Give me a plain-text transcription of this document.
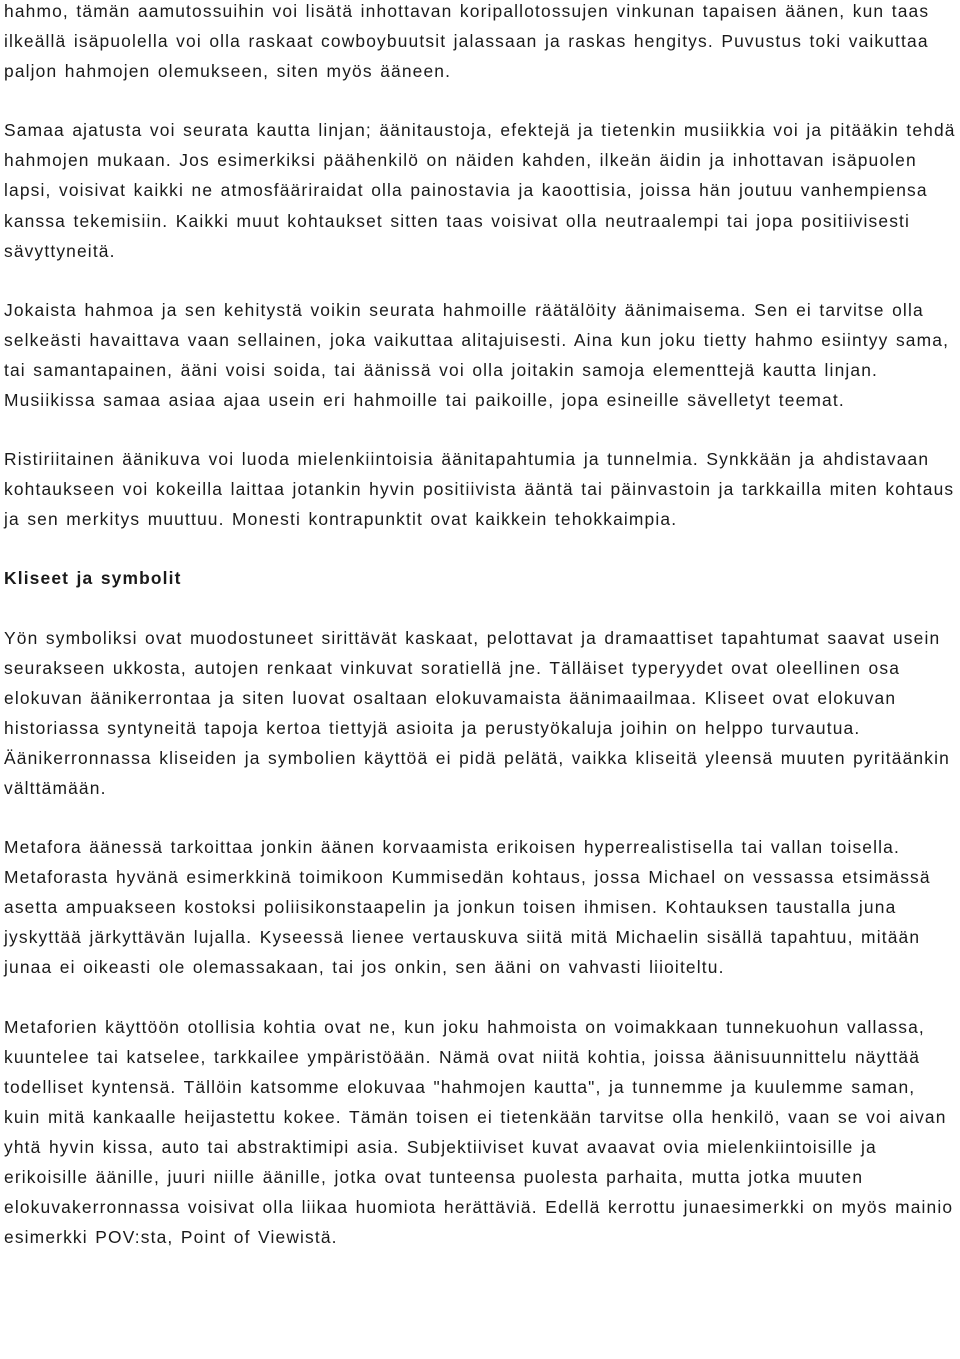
hahmo, tämän aamutossuihin voi lisätä inhottavan koripallotossujen vinkunan tapaisen äänen, kun taas ilkeällä isäpuolella voi olla raskaat cowboybuutsit jalassaan ja raskas hengitys. Puvustus toki vaikuttaa paljon hahmojen olemukseen, siten myös ääneen.

Samaa ajatusta voi seurata kautta linjan; äänitaustoja, efektejä ja tietenkin musiikkia voi ja pitääkin tehdä hahmojen mukaan. Jos esimerkiksi päähenkilö on näiden kahden, ilkeän äidin ja inhottavan isäpuolen lapsi, voisivat kaikki ne atmosfääriraidat olla painostavia ja kaoottisia, joissa hän joutuu vanhempiensa kanssa tekemisiin. Kaikki muut kohtaukset sitten taas voisivat olla neutraalempi tai jopa positiivisesti sävyttyneitä.

Jokaista hahmoa ja sen kehitystä voikin seurata hahmoille räätälöity äänimaisema. Sen ei tarvitse olla selkeästi havaittava vaan sellainen, joka vaikuttaa alitajuisesti. Aina kun joku tietty hahmo esiintyy sama, tai samantapainen, ääni voisi soida, tai äänissä voi olla joitakin samoja elementtejä kautta linjan. Musiikissa samaa asiaa ajaa usein eri hahmoille tai paikoille, jopa esineille sävelletyt teemat.

Ristiriitainen äänikuva voi luoda mielenkiintoisia äänitapahtumia ja tunnelmia. Synkkään ja ahdistavaan kohtaukseen voi kokeilla laittaa jotankin hyvin positiivista ääntä tai päinvastoin ja tarkkailla miten kohtaus ja sen merkitys muuttuu. Monesti kontrapunktit ovat kaikkein tehokkaimpia.

Kliseet ja symbolit

Yön symboliksi ovat muodostuneet sirittävät kaskaat, pelottavat ja dramaattiset tapahtumat saavat usein seurakseen ukkosta, autojen renkaat vinkuvat soratiellä jne. Tälläiset typeryydet ovat oleellinen osa elokuvan äänikerrontaa ja siten luovat osaltaan elokuvamaista äänimaailmaa. Kliseet ovat elokuvan historiassa syntyneitä tapoja kertoa tiettyjä asioita ja perustyökaluja joihin on helppo turvautua. Äänikerronnassa kliseiden ja symbolien käyttöä ei pidä pelätä, vaikka kliseitä yleensä muuten pyritäänkin välttämään.

Metafora äänessä tarkoittaa jonkin äänen korvaamista erikoisen hyperrealistisella tai vallan toisella. Metaforasta hyvänä esimerkkinä toimikoon Kummisedän kohtaus, jossa Michael on vessassa etsimässä asetta ampuakseen kostoksi poliisikonstaapelin ja jonkun toisen ihmisen. Kohtauksen taustalla juna jyskyttää järkyttävän lujalla. Kyseessä lienee vertauskuva siitä mitä Michaelin sisällä tapahtuu, mitään junaa ei oikeasti ole olemassakaan, tai jos onkin, sen ääni on vahvasti liioiteltu.

Metaforien käyttöön otollisia kohtia ovat ne, kun joku hahmoista on voimakkaan tunnekuohun vallassa, kuuntelee tai katselee, tarkkailee ympäristöään. Nämä ovat niitä kohtia, joissa äänisuunnittelu näyttää todelliset kyntensä. Tällöin katsomme elokuvaa "hahmojen kautta", ja tunnemme ja kuulemme saman, kuin mitä kankaalle heijastettu kokee. Tämän toisen ei tietenkään tarvitse olla henkilö, vaan se voi aivan yhtä hyvin kissa, auto tai abstraktimipi asia. Subjektiiviset kuvat avaavat ovia mielenkiintoisille ja erikoisille äänille, juuri niille äänille, jotka ovat tunteensa puolesta parhaita, mutta jotka muuten elokuvakerronnassa voisivat olla liikaa huomiota herättäviä. Edellä kerrottu junaesimerkki on myös mainio esimerkki POV:sta, Point of Viewistä.
